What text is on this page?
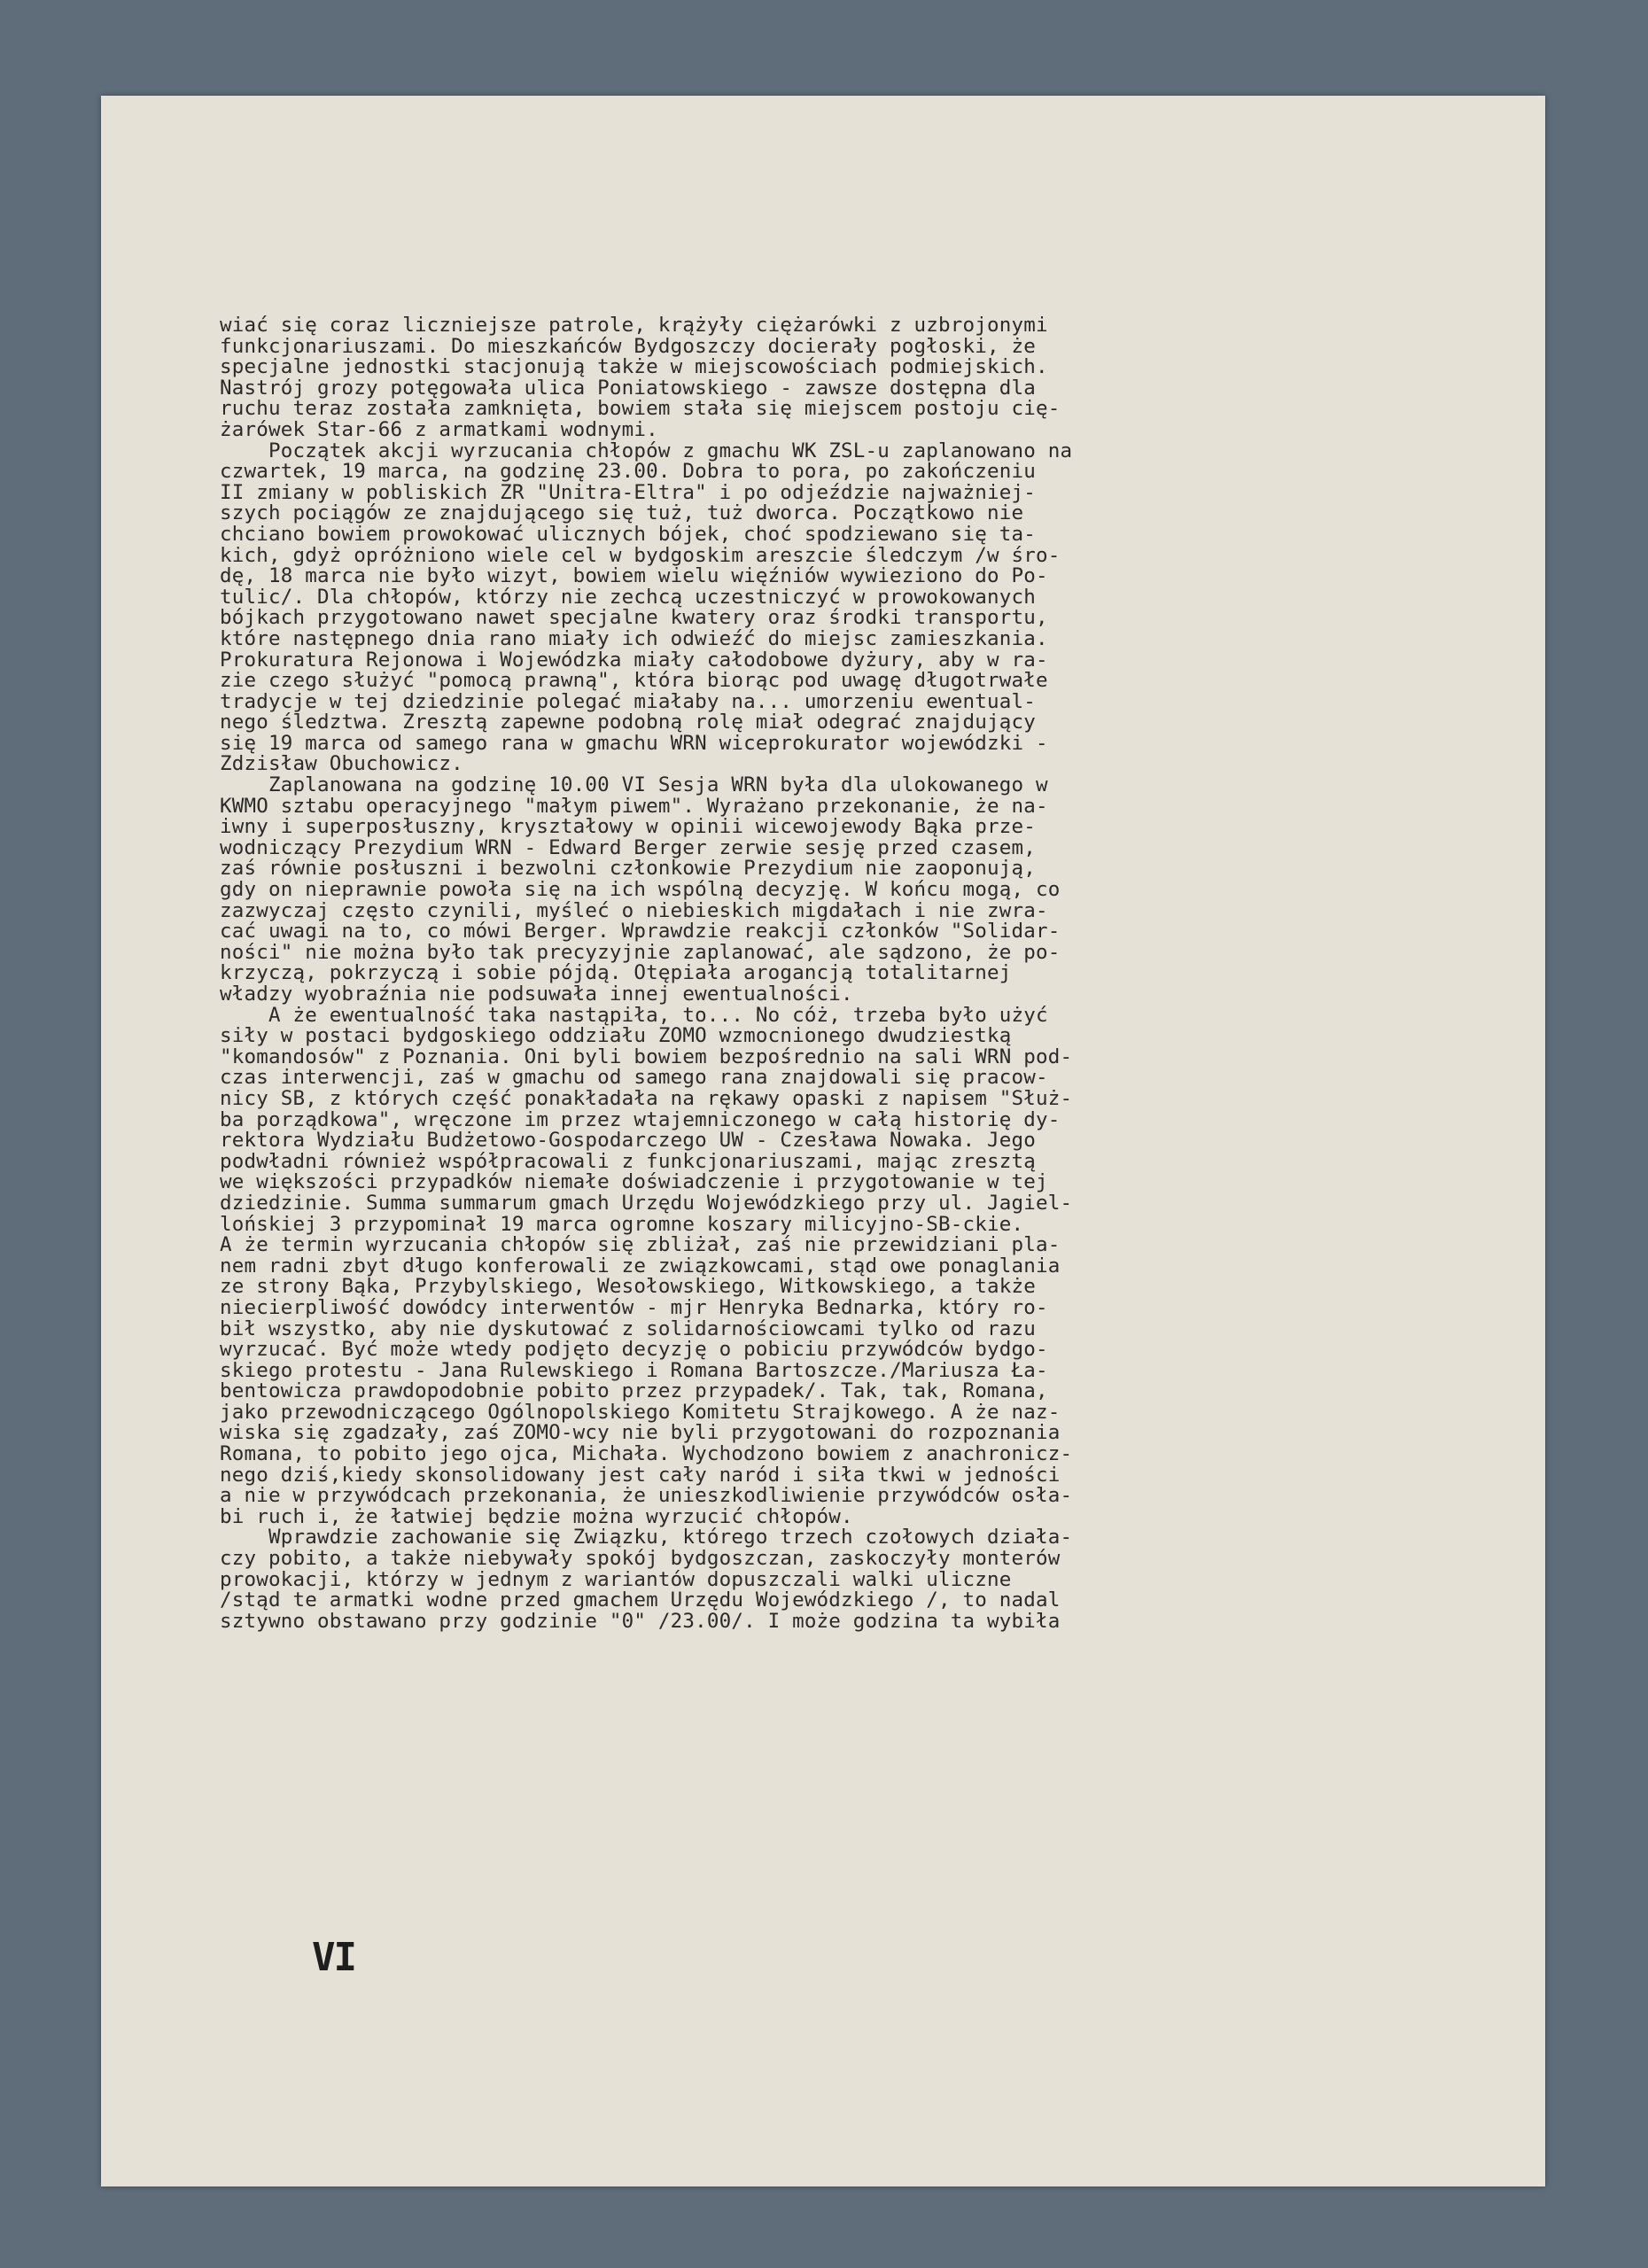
wiać się coraz liczniejsze patrole, krążyły ciężarówki z uzbrojonymi
funkcjonariuszami. Do mieszkańców Bydgoszczy docierały pogłoski, że
specjalne jednostki stacjonują także w miejscowościach podmiejskich.
Nastrój grozy potęgowała ulica Poniatowskiego - zawsze dostępna dla
ruchu teraz została zamknięta, bowiem stała się miejscem postoju cię-
żarówek Star-66 z armatkami wodnymi.
Początek akcji wyrzucania chłopów z gmachu WK ZSL-u zaplanowano na
czwartek, 19 marca, na godzinę 23.00. Dobra to pora, po zakończeniu
II zmiany w pobliskich ZR "Unitra-Eltra" i po odjeździe najważniej-
szych pociągów ze znajdującego się tuż, tuż dworca. Początkowo nie
chciano bowiem prowokować ulicznych bójek, choć spodziewano się ta-
kich, gdyż opróżniono wiele cel w bydgoskim areszcie śledczym /w śro-
dę, 18 marca nie było wizyt, bowiem wielu więźniów wywieziono do Po-
tulic/. Dla chłopów, którzy nie zechcą uczestniczyć w prowokowanych
bójkach przygotowano nawet specjalne kwatery oraz środki transportu,
które następnego dnia rano miały ich odwieźć do miejsc zamieszkania.
Prokuratura Rejonowa i Wojewódzka miały całodobowe dyżury, aby w ra-
zie czego służyć "pomocą prawną", która biorąc pod uwagę długotrwałe
tradycje w tej dziedzinie polegać miałaby na... umorzeniu ewentual-
nego śledztwa. Zresztą zapewne podobną rolę miał odegrać znajdujący
się 19 marca od samego rana w gmachu WRN wiceprokurator wojewódzki -
Zdzisław Obuchowicz.
Zaplanowana na godzinę 10.00 VI Sesja WRN była dla ulokowanego w
KWMO sztabu operacyjnego "małym piwem". Wyrażano przekonanie, że na-
iwny i superposłuszny, kryształowy w opinii wicewojewody Bąka prze-
wodniczący Prezydium WRN - Edward Berger zerwie sesję przed czasem,
zaś równie posłuszni i bezwolni członkowie Prezydium nie zaoponują,
gdy on nieprawnie powoła się na ich wspólną decyzję. W końcu mogą, co
zazwyczaj często czynili, myśleć o niebieskich migdałach i nie zwra-
cać uwagi na to, co mówi Berger. Wprawdzie reakcji członków "Solidar-
ności" nie można było tak precyzyjnie zaplanować, ale sądzono, że po-
krzyczą, pokrzyczą i sobie pójdą. Otępiała arogancją totalitarnej
władzy wyobraźnia nie podsuwała innej ewentualności.
A że ewentualność taka nastąpiła, to... No cóż, trzeba było użyć
siły w postaci bydgoskiego oddziału ZOMO wzmocnionego dwudziestką
"komandosów" z Poznania. Oni byli bowiem bezpośrednio na sali WRN pod-
czas interwencji, zaś w gmachu od samego rana znajdowali się pracow-
nicy SB, z których część ponakładała na rękawy opaski z napisem "Służ-
ba porządkowa", wręczone im przez wtajemniczonego w całą historię dy-
rektora Wydziału Budżetowo-Gospodarczego UW - Czesława Nowaka. Jego
podwładni również współpracowali z funkcjonariuszami, mając zresztą
we większości przypadków niemałe doświadczenie i przygotowanie w tej
dziedzinie. Summa summarum gmach Urzędu Wojewódzkiego przy ul. Jagiel-
lońskiej 3 przypominał 19 marca ogromne koszary milicyjno-SB-ckie.
A że termin wyrzucania chłopów się zbliżał, zaś nie przewidziani pla-
nem radni zbyt długo konferowali ze związkowcami, stąd owe ponaglania
ze strony Bąka, Przybylskiego, Wesołowskiego, Witkowskiego, a także
niecierpliwość dowódcy interwentów - mjr Henryka Bednarka, który ro-
bił wszystko, aby nie dyskutować z solidarnościowcami tylko od razu
wyrzucać. Być może wtedy podjęto decyzję o pobiciu przywódców bydgo-
skiego protestu - Jana Rulewskiego i Romana Bartoszcze./Mariusza Ła-
bentowicza prawdopodobnie pobito przez przypadek/. Tak, tak, Romana,
jako przewodniczącego Ogólnopolskiego Komitetu Strajkowego. A że naz-
wiska się zgadzały, zaś ZOMO-wcy nie byli przygotowani do rozpoznania
Romana, to pobito jego ojca, Michała. Wychodzono bowiem z anachronicz-
nego dziś,kiedy skonsolidowany jest cały naród i siła tkwi w jedności
a nie w przywódcach przekonania, że unieszkodliwienie przywódców osła-
bi ruch i, że łatwiej będzie można wyrzucić chłopów.
Wprawdzie zachowanie się Związku, którego trzech czołowych działa-
czy pobito, a także niebywały spokój bydgoszczan, zaskoczyły monterów
prowokacji, którzy w jednym z wariantów dopuszczali walki uliczne
/stąd te armatki wodne przed gmachem Urzędu Wojewódzkiego /, to nadal
sztywno obstawano przy godzinie "0" /23.00/. I może godzina ta wybiła
VI
